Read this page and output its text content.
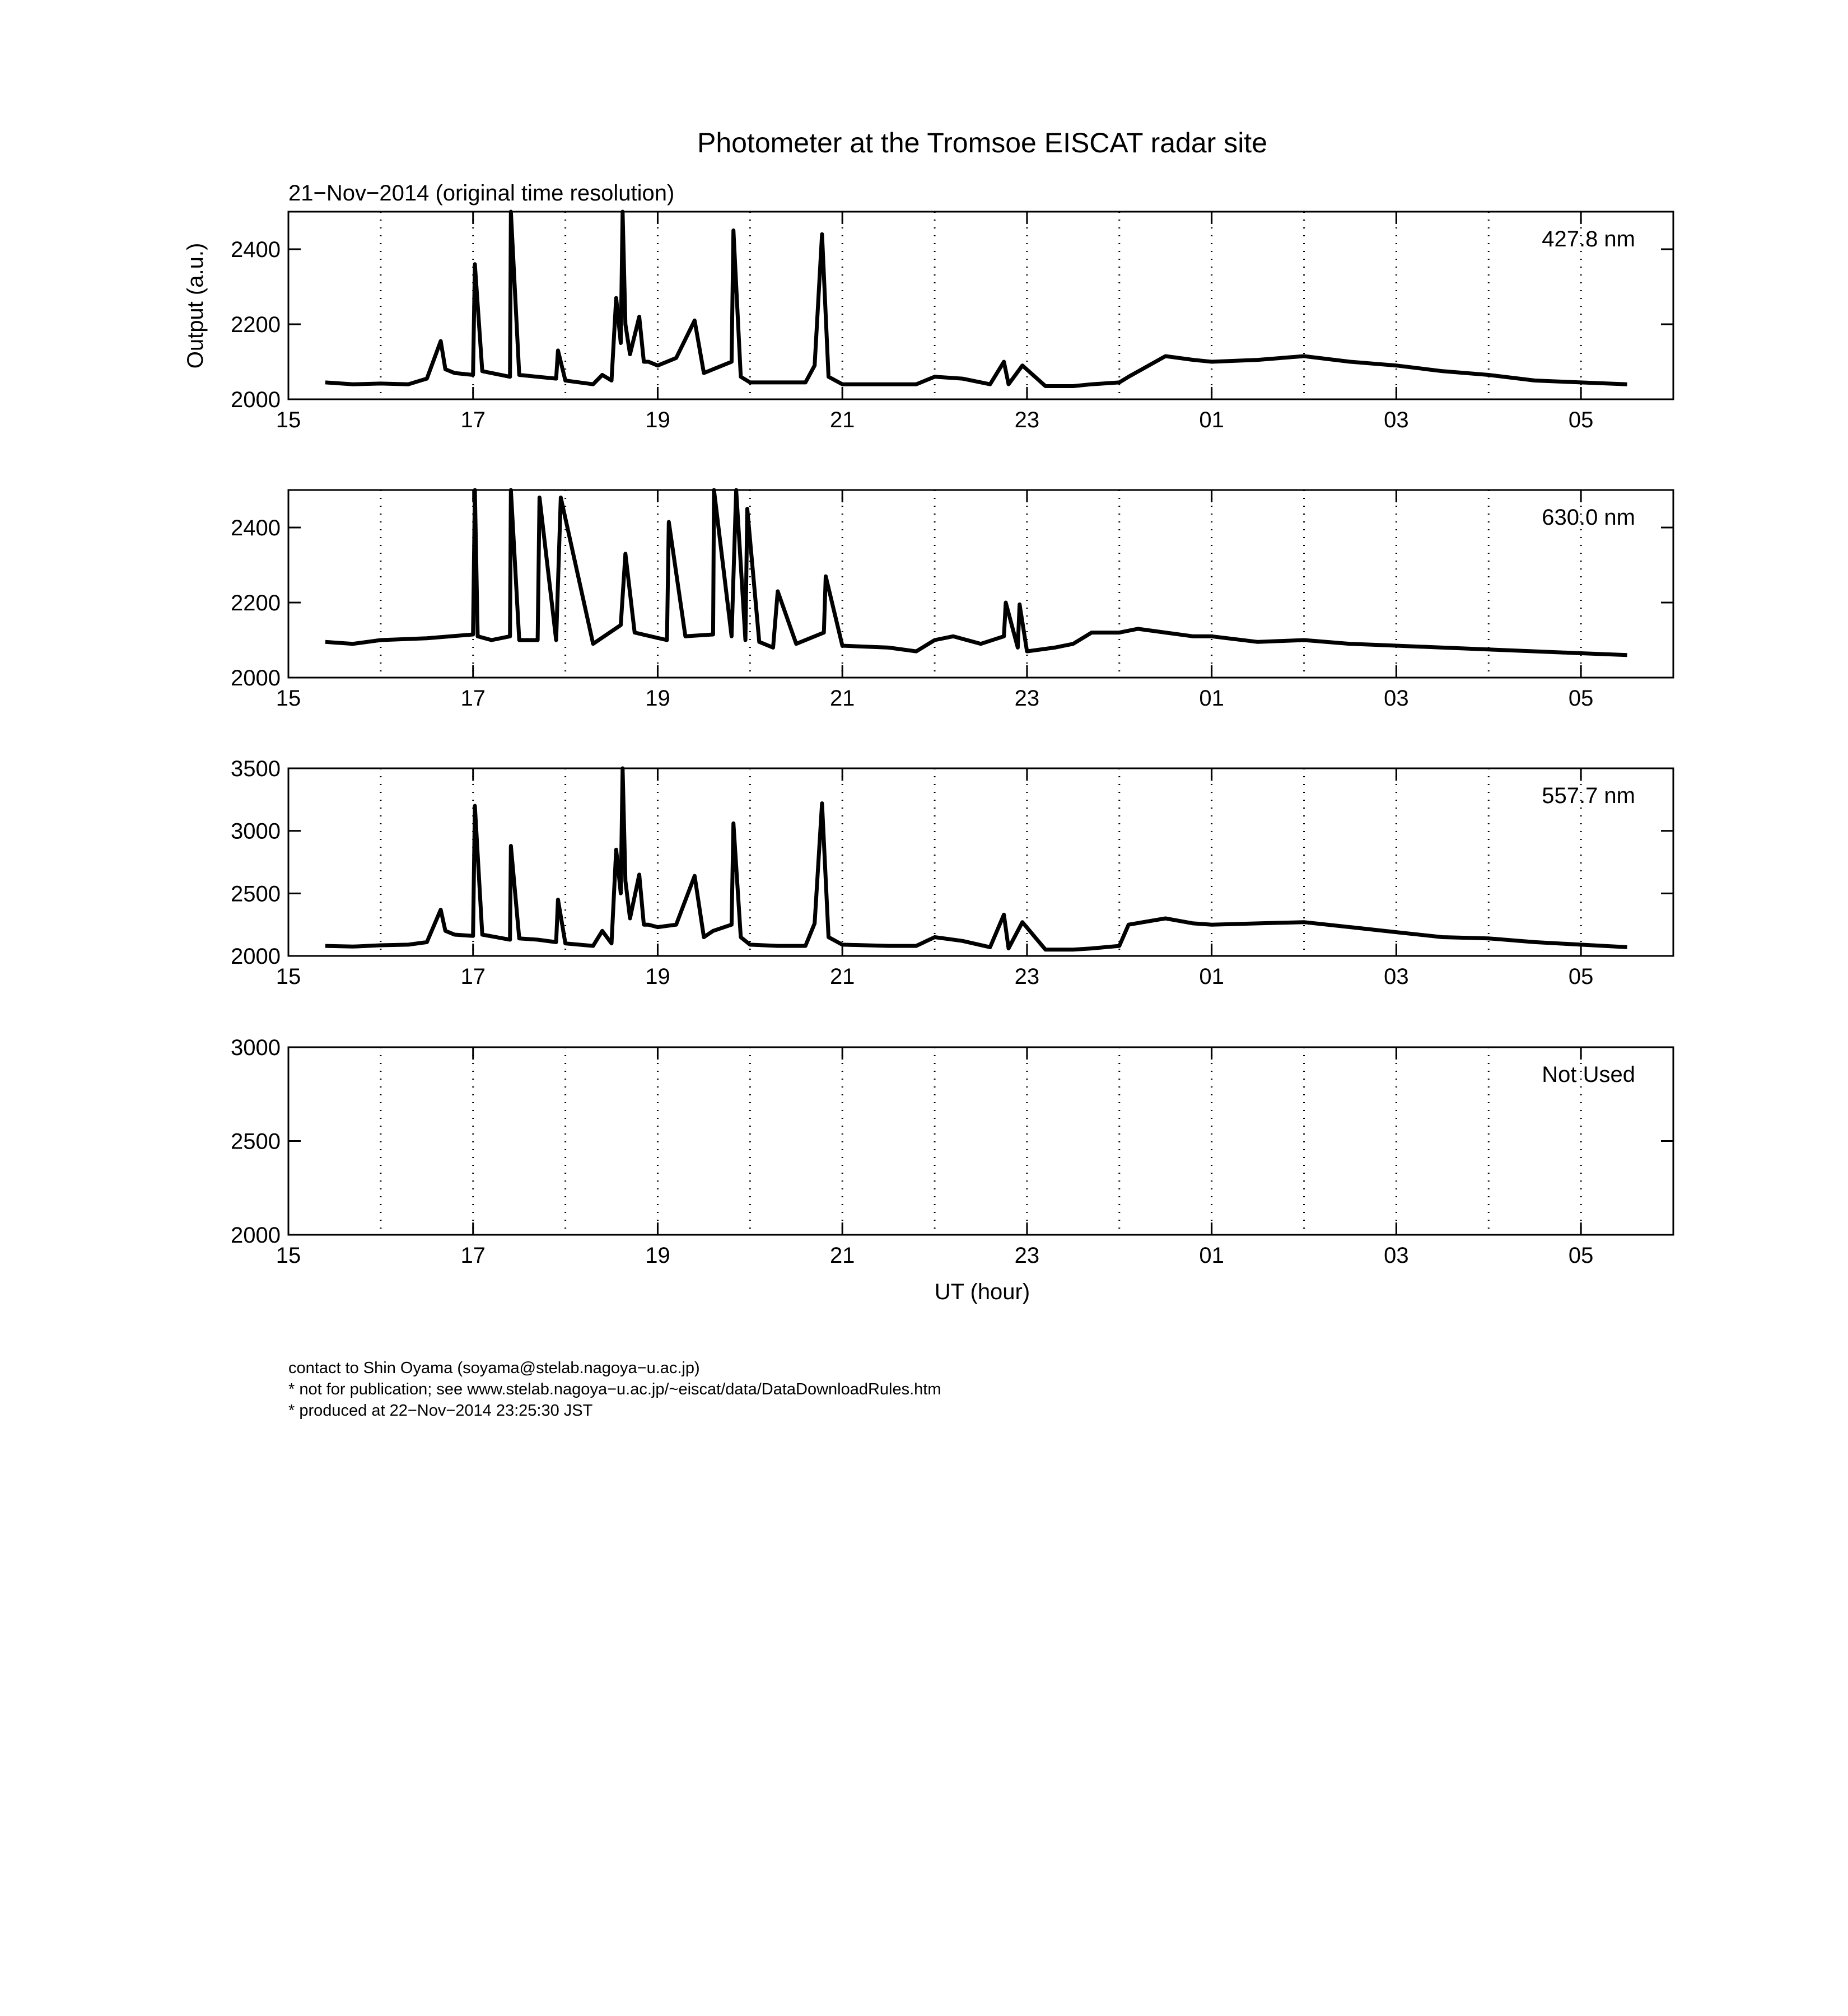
Photometer at the Tromsoe EISCAT radar site
21−Nov−2014 (original time resolution)
Output (a.u.)
2000
2200
2400
15	17	19	21	23	01	03	05
427.8 nm
2000
2200
2400
15	17	19	21	23	01	03	05
630.0 nm
2000
2500
3000
3500
15	17	19	21	23	01	03	05
557.7 nm
2000
2500
3000
15	17	19	21	23	01	03	05
Not Used
UT (hour)
contact to Shin Oyama (soyama@stelab.nagoya−u.ac.jp)
* not for publication; see www.stelab.nagoya−u.ac.jp/~eiscat/data/DataDownloadRules.htm
* produced at 22−Nov−2014 23:25:30 JST
